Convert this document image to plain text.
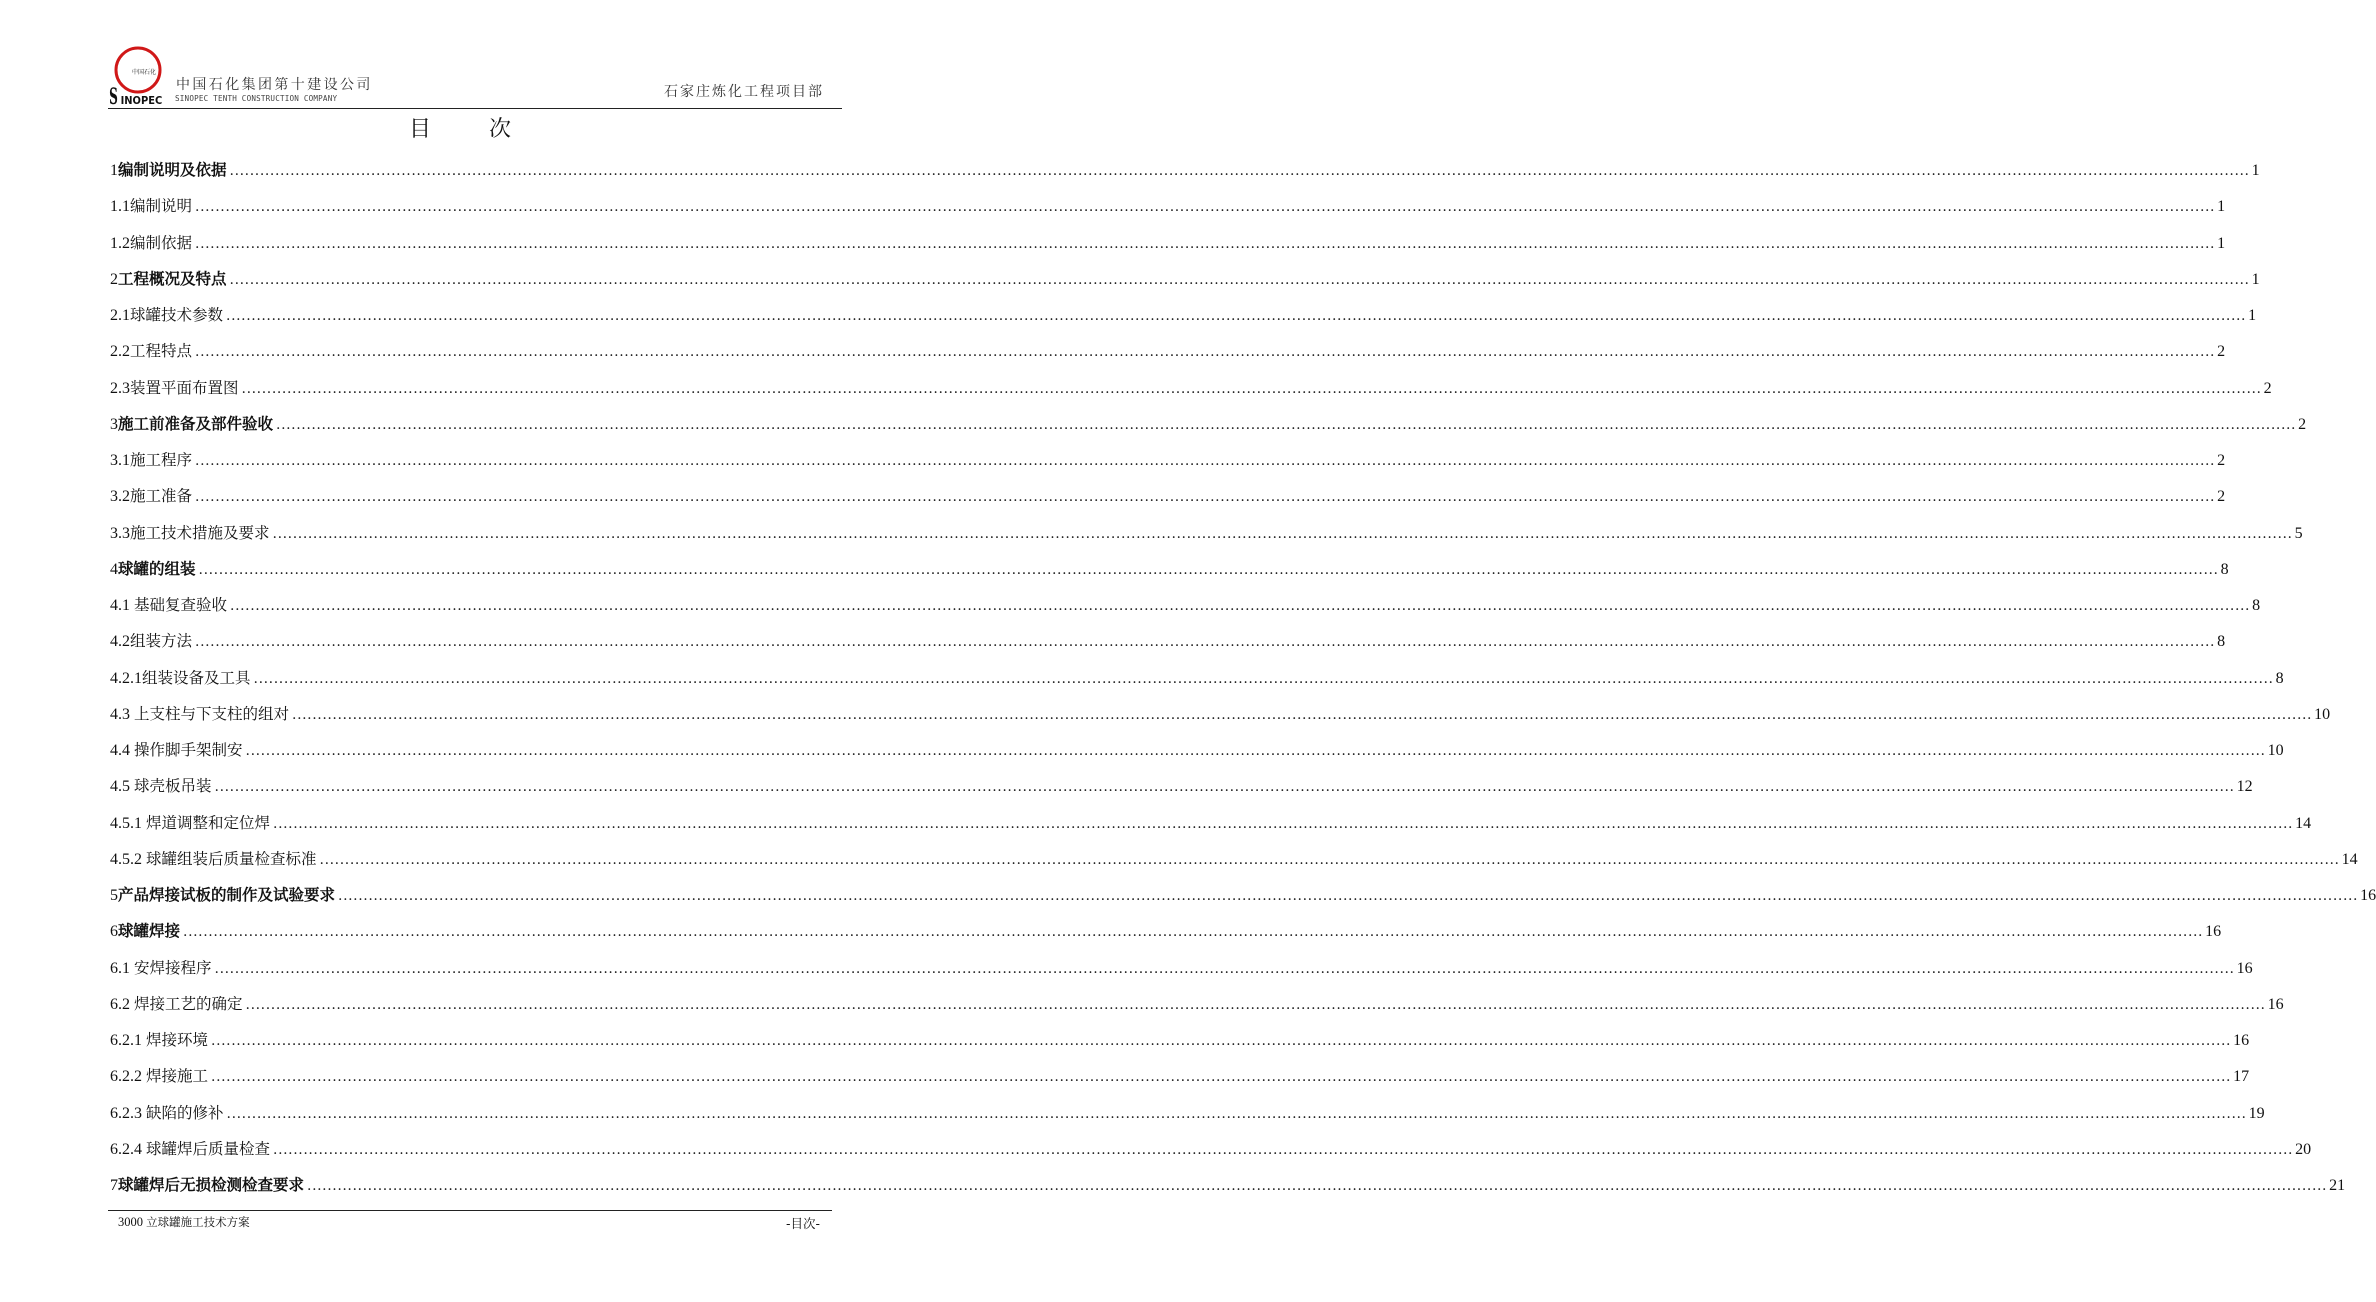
中国石化
S INOPEC
中国石化集团第十建设公司
SINOPEC TENTH CONSTRUCTION COMPANY	石家庄炼化工程项目部
目　次
1 编制说明及依据 ................................................................................................................................................................................................................................................................................................................................................................................................................ 1
1.1 编制说明 ................................................................................................................................................................................................................................................................................................................................................................................................................ 1
1.2 编制依据 ................................................................................................................................................................................................................................................................................................................................................................................................................ 1
2 工程概况及特点 ................................................................................................................................................................................................................................................................................................................................................................................................................ 1
2.1 球罐技术参数 ................................................................................................................................................................................................................................................................................................................................................................................................................ 1
2.2 工程特点 ................................................................................................................................................................................................................................................................................................................................................................................................................ 2
2.3 装置平面布置图 ................................................................................................................................................................................................................................................................................................................................................................................................................ 2
3 施工前准备及部件验收 ................................................................................................................................................................................................................................................................................................................................................................................................................ 2
3.1 施工程序 ................................................................................................................................................................................................................................................................................................................................................................................................................ 2
3.2 施工准备 ................................................................................................................................................................................................................................................................................................................................................................................................................ 2
3.3 施工技术措施及要求 ................................................................................................................................................................................................................................................................................................................................................................................................................ 5
4 球罐的组装 ................................................................................................................................................................................................................................................................................................................................................................................................................ 8
4.1 基础复查验收 ................................................................................................................................................................................................................................................................................................................................................................................................................ 8
4.2 组装方法 ................................................................................................................................................................................................................................................................................................................................................................................................................ 8
4.2.1 组装设备及工具 ................................................................................................................................................................................................................................................................................................................................................................................................................ 8
4.3 上支柱与下支柱的组对 ................................................................................................................................................................................................................................................................................................................................................................................................................ 10
4.4 操作脚手架制安 ................................................................................................................................................................................................................................................................................................................................................................................................................ 10
4.5 球壳板吊装 ................................................................................................................................................................................................................................................................................................................................................................................................................ 12
4.5.1 焊道调整和定位焊 ................................................................................................................................................................................................................................................................................................................................................................................................................ 14
4.5.2 球罐组装后质量检查标准 ................................................................................................................................................................................................................................................................................................................................................................................................................ 14
5 产品焊接试板的制作及试验要求 ................................................................................................................................................................................................................................................................................................................................................................................................................ 16
6 球罐焊接 ................................................................................................................................................................................................................................................................................................................................................................................................................ 16
6.1 安焊接程序 ................................................................................................................................................................................................................................................................................................................................................................................................................ 16
6.2 焊接工艺的确定 ................................................................................................................................................................................................................................................................................................................................................................................................................ 16
6.2.1 焊接环境 ................................................................................................................................................................................................................................................................................................................................................................................................................ 16
6.2.2 焊接施工 ................................................................................................................................................................................................................................................................................................................................................................................................................ 17
6.2.3 缺陷的修补 ................................................................................................................................................................................................................................................................................................................................................................................................................ 19
6.2.4 球罐焊后质量检查 ................................................................................................................................................................................................................................................................................................................................................................................................................ 20
7 球罐焊后无损检测检查要求 ................................................................................................................................................................................................................................................................................................................................................................................................................ 21
3000 立球罐施工技术方案	-目次-
